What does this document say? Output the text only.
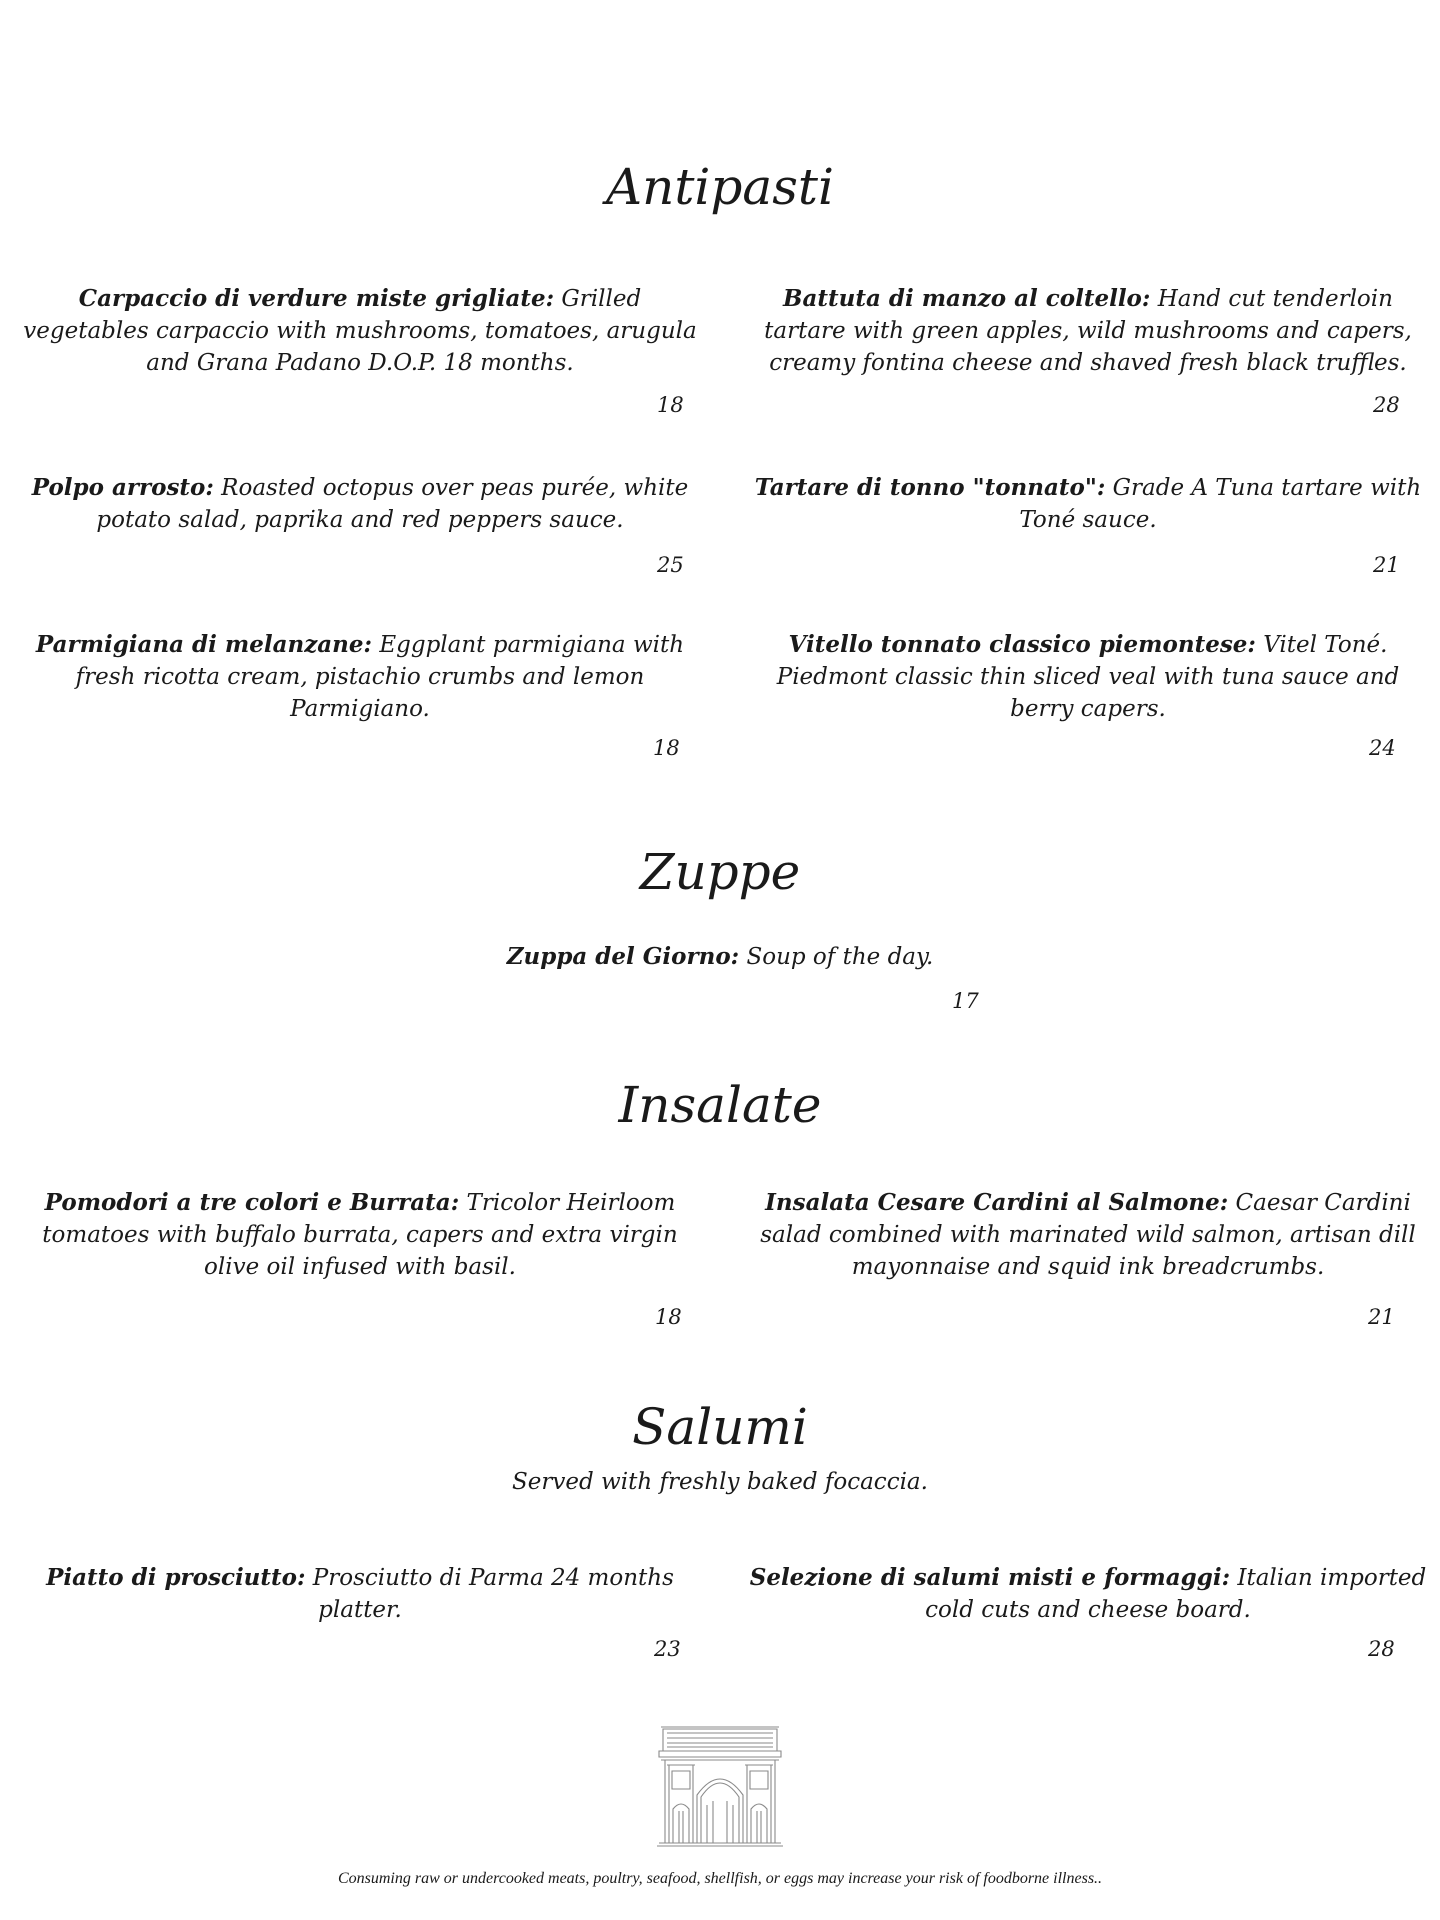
Antipasti

Carpaccio di verdure miste grigliate: Grilled vegetables carpaccio with mushrooms, tomatoes, arugula and Grana Padano D.O.P. 18 months.

18

Battuta di manzo al coltello: Hand cut tenderloin tartare with green apples, wild mushrooms and capers, creamy fontina cheese and shaved fresh black truffles.

28

Polpo arrosto: Roasted octopus over peas purée, white potato salad, paprika and red peppers sauce.

25

Tartare di tonno "tonnato": Grade A Tuna tartare with Toné sauce.

21

Parmigiana di melanzane: Eggplant parmigiana with fresh ricotta cream, pistachio crumbs and lemon Parmigiano.

18

Vitello tonnato classico piemontese: Vitel Toné. Piedmont classic thin sliced veal with tuna sauce and berry capers.

24
Zuppe

Zuppa del Giorno: Soup of the day.

17
Insalate

Pomodori a tre colori e Burrata: Tricolor Heirloom tomatoes with buffalo burrata, capers and extra virgin olive oil infused with basil.

18

Insalata Cesare Cardini al Salmone: Caesar Cardini salad combined with marinated wild salmon, artisan dill mayonnaise and squid ink breadcrumbs.

21
Salumi

Served with freshly baked focaccia.

Piatto di prosciutto: Prosciutto di Parma 24 months platter.

23

Selezione di salumi misti e formaggi: Italian imported cold cuts and cheese board.

28

Consuming raw or undercooked meats, poultry, seafood, shellfish, or eggs may increase your risk of foodborne illness..
